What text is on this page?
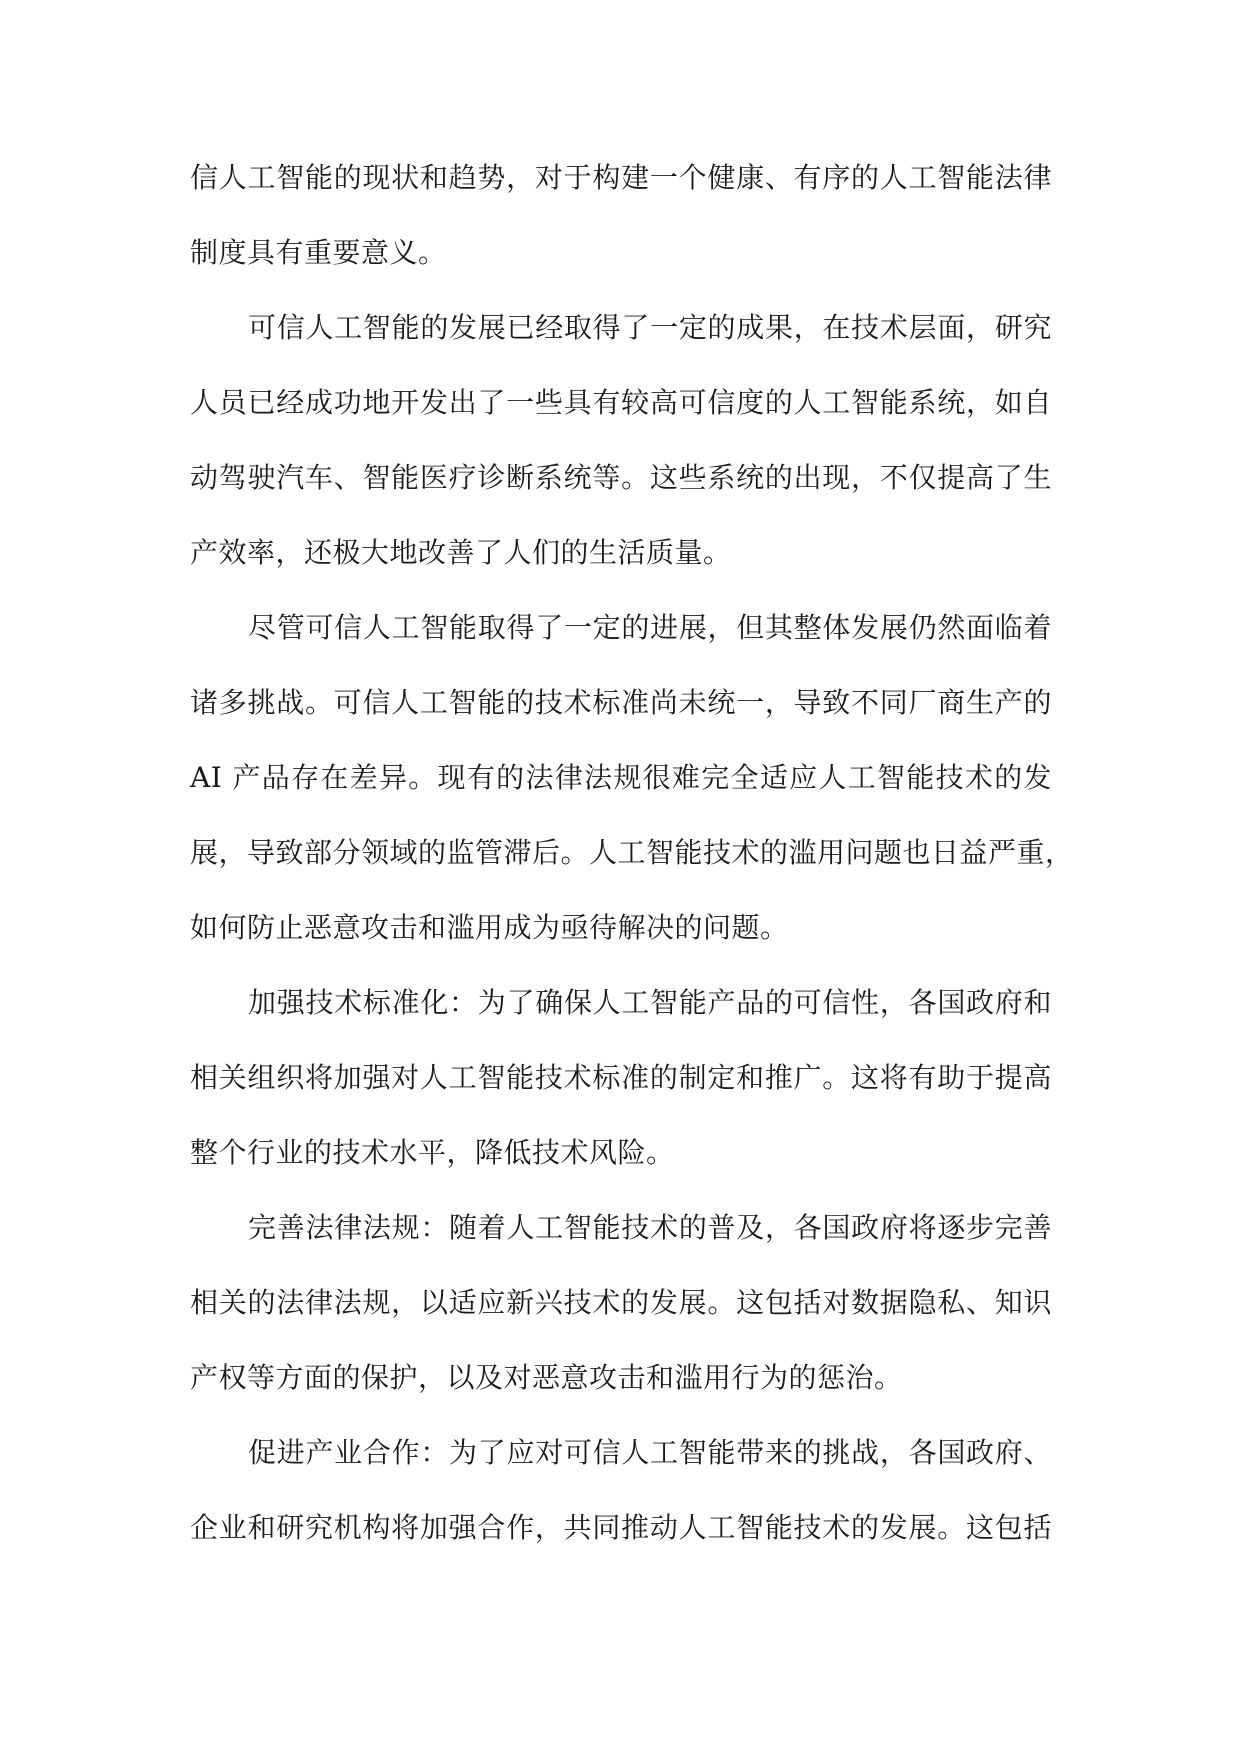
信人工智能的现状和趋势，对于构建一个健康、有序的人工智能法律
制度具有重要意义。

可信人工智能的发展已经取得了一定的成果，在技术层面，研究
人员已经成功地开发出了一些具有较高可信度的人工智能系统，如自
动驾驶汽车、智能医疗诊断系统等。这些系统的出现，不仅提高了生
产效率，还极大地改善了人们的生活质量。

尽管可信人工智能取得了一定的进展，但其整体发展仍然面临着
诸多挑战。可信人工智能的技术标准尚未统一，导致不同厂商生产的
AI 产品存在差异。现有的法律法规很难完全适应人工智能技术的发
展，导致部分领域的监管滞后。人工智能技术的滥用问题也日益严重，
如何防止恶意攻击和滥用成为亟待解决的问题。

加强技术标准化：为了确保人工智能产品的可信性，各国政府和
相关组织将加强对人工智能技术标准的制定和推广。这将有助于提高
整个行业的技术水平，降低技术风险。

完善法律法规：随着人工智能技术的普及，各国政府将逐步完善
相关的法律法规，以适应新兴技术的发展。这包括对数据隐私、知识
产权等方面的保护，以及对恶意攻击和滥用行为的惩治。

促进产业合作：为了应对可信人工智能带来的挑战，各国政府、
企业和研究机构将加强合作，共同推动人工智能技术的发展。这包括
